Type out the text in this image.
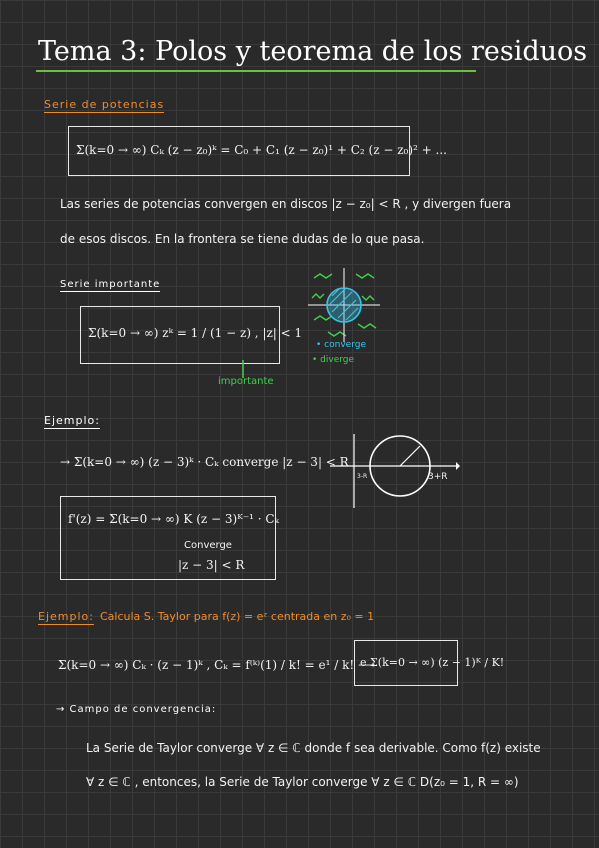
Tema 3: Polos y teorema de los residuos
Serie de potencias
Σ(k=0 → ∞) Cₖ (z − z₀)ᵏ = C₀ + C₁ (z − z₀)¹ + C₂ (z − z₀)² + ...
Las series de potencias convergen en discos |z − z₀| < R , y divergen fuera
de esos discos. En la frontera se tiene dudas de lo que pasa.
Serie importante
Σ(k=0 → ∞) zᵏ = 1 / (1 − z) , |z| < 1
importante
• converge
• diverge
Ejemplo:
→ Σ(k=0 → ∞) (z − 3)ᵏ · Cₖ converge |z − 3| < R
3-R	3+R
f'(z) = Σ(k=0 → ∞) K (z − 3)ᴷ⁻¹ · Cₖ
Converge
|z − 3| < R
Ejemplo: Calcula S. Taylor para f(z) = eᶻ centrada en z₀ = 1
Σ(k=0 → ∞) Cₖ · (z − 1)ᵏ , Cₖ = f⁽ᵏ⁾(1) / k! = e¹ / k! ⟶
e Σ(k=0 → ∞) (z − 1)ᴷ / K!
→ Campo de convergencia:
La Serie de Taylor converge ∀ z ∈ ℂ donde f sea derivable. Como f(z) existe
∀ z ∈ ℂ , entonces, la Serie de Taylor converge ∀ z ∈ ℂ D(z₀ = 1, R = ∞)
